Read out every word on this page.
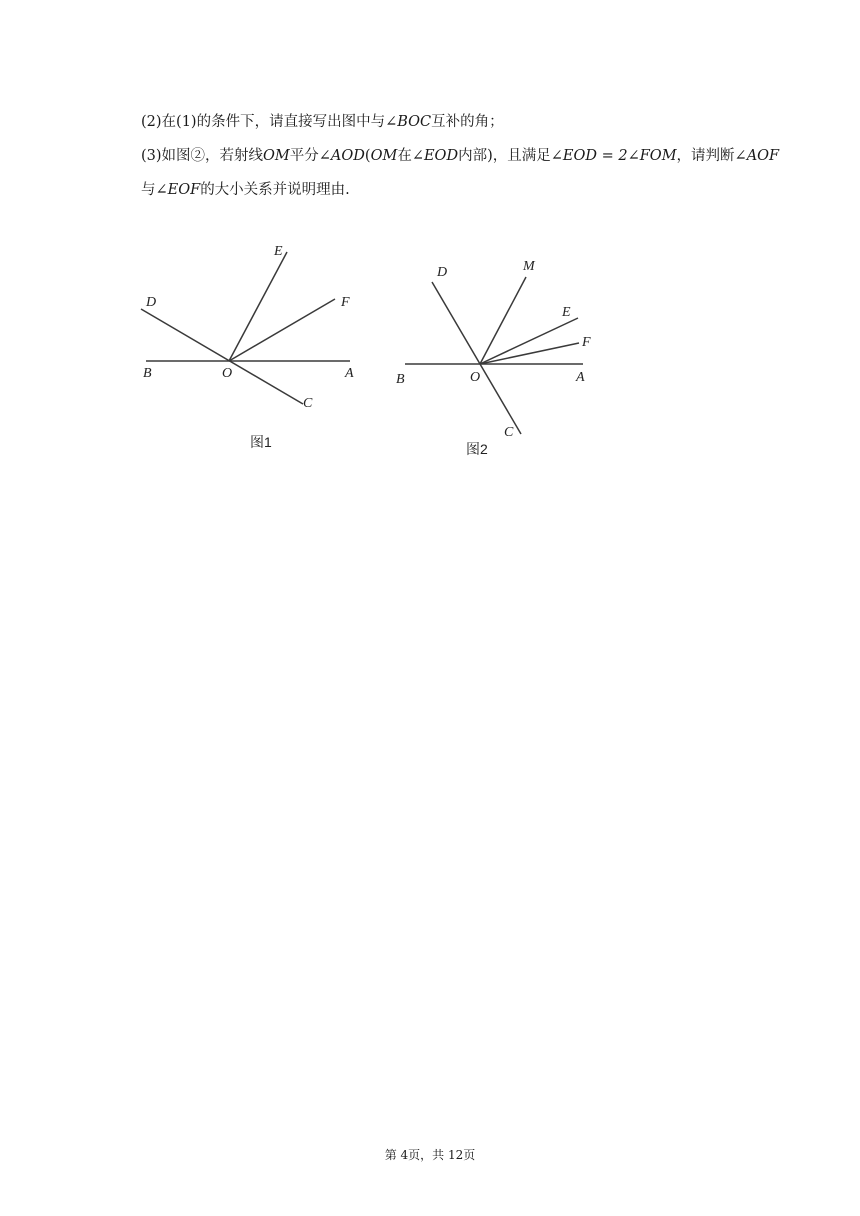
(2)在(1)的条件下，请直接写出图中与∠BOC互补的角；
(3)如图②，若射线OM平分∠AOD(OM在∠EOD内部)，且满足∠EOD = 2∠FOM，请判断∠AOF
与∠EOF的大小关系并说明理由.
E
D	F
B	O	A
C
图1
D	M
E
F
B	O	A
C
图2
第 4页，共 12页
